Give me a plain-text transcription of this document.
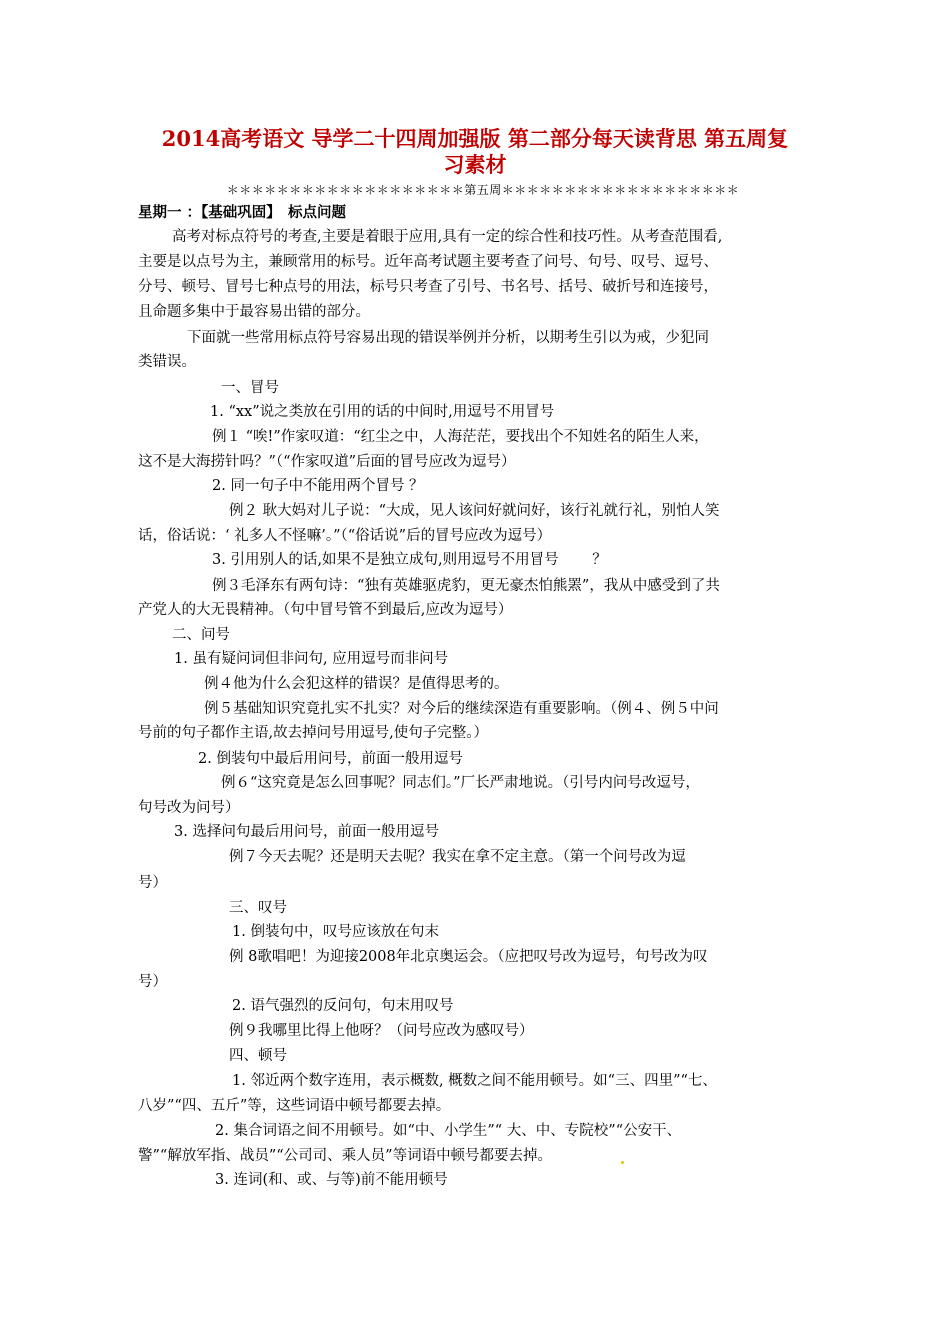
2014高考语文 导学二十四周加强版 第二部分每天读背思 第五周复
习素材
＊＊＊＊＊＊＊＊＊＊＊＊＊＊＊＊＊＊＊第五周＊＊＊＊＊＊＊＊＊＊＊＊＊＊＊＊＊＊＊
星期一 ：【基础巩固】　标点问题
高考对标点符号的考查,主要是着眼于应用,具有一定的综合性和技巧性。从考查范围看,
主要是以点号为主，兼顾常用的标号。近年高考试题主要考查了问号、句号、叹号、逗号、
分号、顿号、冒号七种点号的用法，标号只考查了引号、书名号、括号、破折号和连接号，
且命题多集中于最容易出错的部分。
下面就一些常用标点符号容易出现的错误举例并分析，以期考生引以为戒，少犯同
类错误。
一、冒号
1. “xx”说之类放在引用的话的中间时,用逗号不用冒号
例１ “唉!”作家叹道：“红尘之中，人海茫茫，要找出个不知姓名的陌生人来，
这不是大海捞针吗？”（“作家叹道”后面的冒号应改为逗号）
2. 同一句子中不能用两个冒号 ？
例２ 耿大妈对儿子说：“大成，见人该问好就问好，该行礼就行礼，别怕人笑
话，俗话说：‘ 礼多人不怪嘛’。”（“俗话说”后的冒号应改为逗号）
3. 引用别人的话,如果不是独立成句,则用逗号不用冒号　　 ？
例３毛泽东有两句诗：“独有英雄驱虎豹，更无豪杰怕熊罴”，我从中感受到了共
产党人的大无畏精神。（句中冒号管不到最后,应改为逗号）
二、问号
1. 虽有疑问词但非问句, 应用逗号而非问号
例４他为什么会犯这样的错误？是值得思考的。
例５基础知识究竟扎实不扎实？对今后的继续深造有重要影响。（例４、例５中问
号前的句子都作主语,故去掉问号用逗号,使句子完整。）
2. 倒装句中最后用问号，前面一般用逗号
例６“这究竟是怎么回事呢？同志们。”厂长严肃地说。（引号内问号改逗号，
句号改为问号）
3. 选择问句最后用问号，前面一般用逗号
例７今天去呢？还是明天去呢？我实在拿不定主意。（第一个问号改为逗
号）
三、叹号
1. 倒装句中，叹号应该放在句末
例 8歌唱吧！为迎接2008年北京奥运会。（应把叹号改为逗号，句号改为叹
号）
2. 语气强烈的反问句，句末用叹号
例９我哪里比得上他呀？（问号应改为感叹号）
四、顿号
1. 邻近两个数字连用，表示概数, 概数之间不能用顿号。如“三、四里”“七、
八岁”“四、五斤”等，这些词语中顿号都要去掉。
2. 集合词语之间不用顿号。如“中、小学生”“ 大、中、专院校”“公安干、
警”“解放军指、战员”“公司司、乘人员”等词语中顿号都要去掉。
3. 连词(和、或、与等)前不能用顿号
